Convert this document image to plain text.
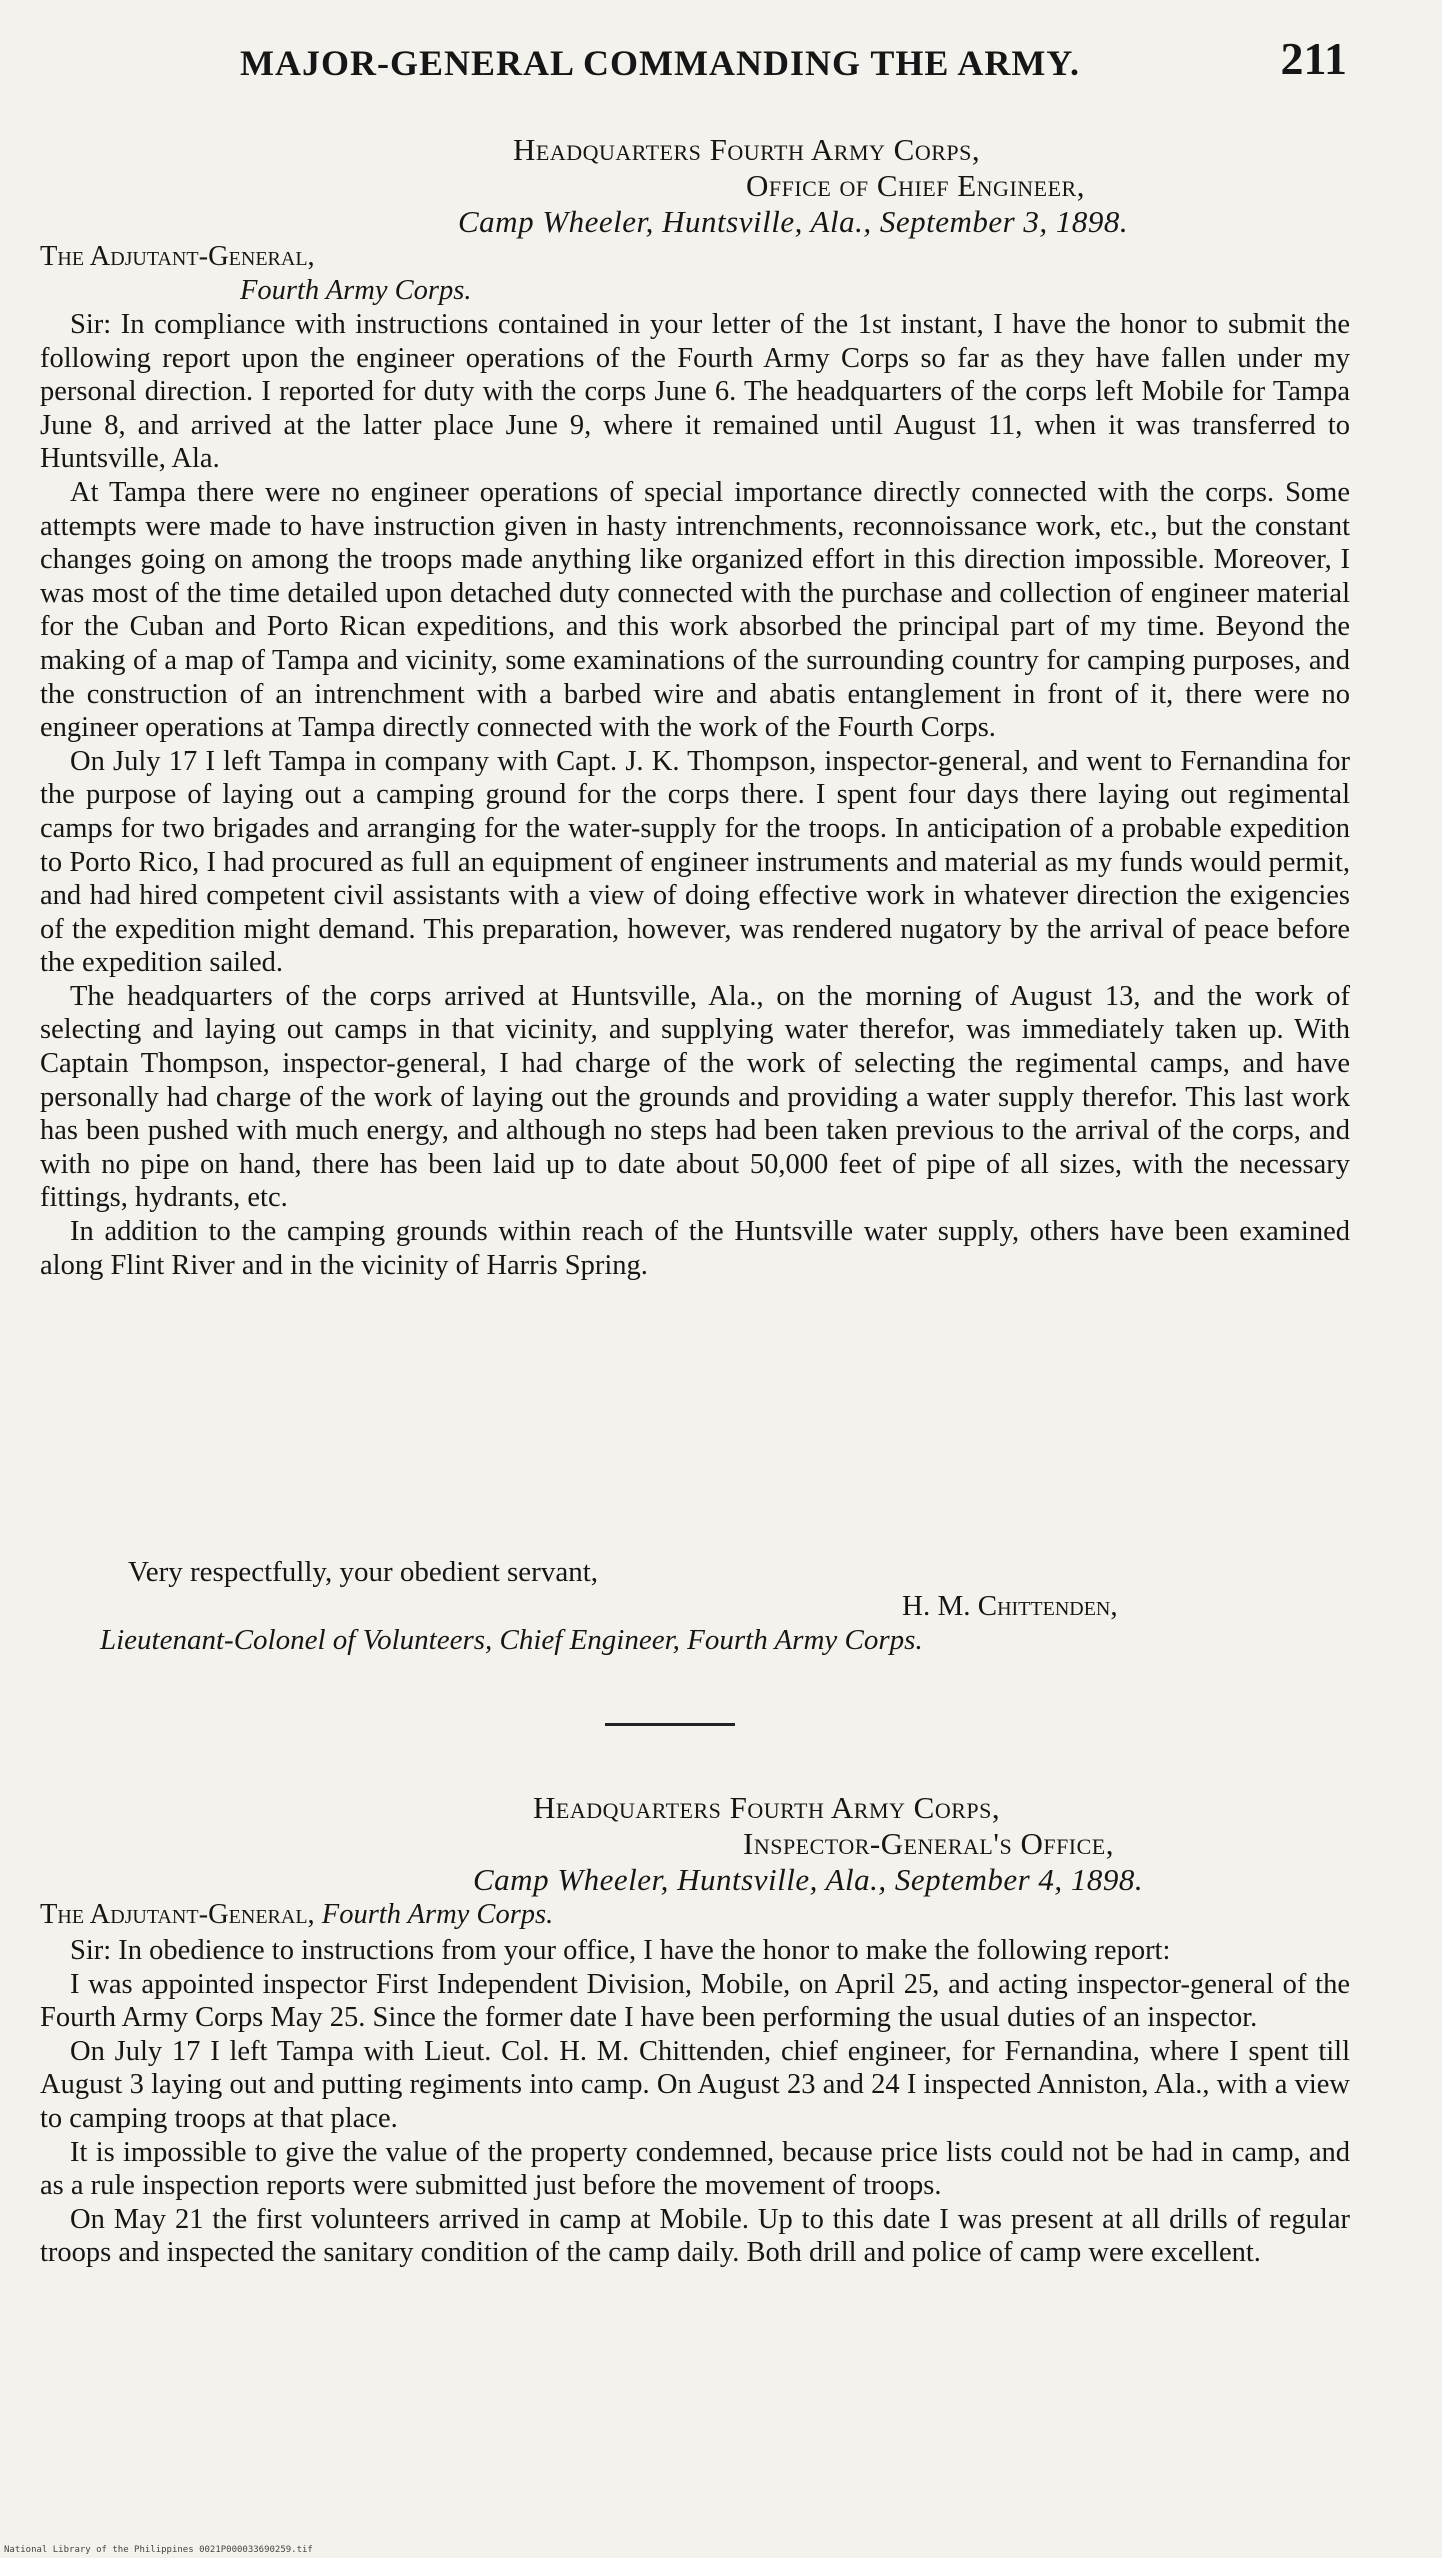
MAJOR-GENERAL COMMANDING THE ARMY.	211
Headquarters Fourth Army Corps,
Office of Chief Engineer,
Camp Wheeler, Huntsville, Ala., September 3, 1898.

The Adjutant-General,

Fourth Army Corps.

Sir: In compliance with instructions contained in your letter of the 1st instant, I have the honor to submit the following report upon the engineer operations of the Fourth Army Corps so far as they have fallen under my personal direction. I reported for duty with the corps June 6. The headquarters of the corps left Mobile for Tampa June 8, and arrived at the latter place June 9, where it remained until August 11, when it was transferred to Huntsville, Ala.

At Tampa there were no engineer operations of special importance directly connected with the corps. Some attempts were made to have instruction given in hasty intrenchments, reconnoissance work, etc., but the constant changes going on among the troops made anything like organized effort in this direction impossible. Moreover, I was most of the time detailed upon detached duty connected with the purchase and collection of engineer material for the Cuban and Porto Rican expeditions, and this work absorbed the principal part of my time. Beyond the making of a map of Tampa and vicinity, some examinations of the surrounding country for camping purposes, and the construction of an intrenchment with a barbed wire and abatis entanglement in front of it, there were no engineer operations at Tampa directly connected with the work of the Fourth Corps.

On July 17 I left Tampa in company with Capt. J. K. Thompson, inspector-general, and went to Fernandina for the purpose of laying out a camping ground for the corps there. I spent four days there laying out regimental camps for two brigades and arranging for the water-supply for the troops. In anticipation of a probable expedition to Porto Rico, I had procured as full an equipment of engineer instruments and material as my funds would permit, and had hired competent civil assistants with a view of doing effective work in whatever direction the exigencies of the expedition might demand. This preparation, however, was rendered nugatory by the arrival of peace before the expedition sailed.

The headquarters of the corps arrived at Huntsville, Ala., on the morning of August 13, and the work of selecting and laying out camps in that vicinity, and supplying water therefor, was immediately taken up. With Captain Thompson, inspector-general, I had charge of the work of selecting the regimental camps, and have personally had charge of the work of laying out the grounds and providing a water supply therefor. This last work has been pushed with much energy, and although no steps had been taken previous to the arrival of the corps, and with no pipe on hand, there has been laid up to date about 50,000 feet of pipe of all sizes, with the necessary fittings, hydrants, etc.

In addition to the camping grounds within reach of the Huntsville water supply, others have been examined along Flint River and in the vicinity of Harris Spring.

Very respectfully, your obedient servant,

H. M. Chittenden,

Lieutenant-Colonel of Volunteers, Chief Engineer, Fourth Army Corps.

Headquarters Fourth Army Corps,
Inspector-General's Office,
Camp Wheeler, Huntsville, Ala., September 4, 1898.

The Adjutant-General, Fourth Army Corps.

Sir: In obedience to instructions from your office, I have the honor to make the following report:

I was appointed inspector First Independent Division, Mobile, on April 25, and acting inspector-general of the Fourth Army Corps May 25. Since the former date I have been performing the usual duties of an inspector.

On July 17 I left Tampa with Lieut. Col. H. M. Chittenden, chief engineer, for Fernandina, where I spent till August 3 laying out and putting regiments into camp. On August 23 and 24 I inspected Anniston, Ala., with a view to camping troops at that place.

It is impossible to give the value of the property condemned, because price lists could not be had in camp, and as a rule inspection reports were submitted just before the movement of troops.

On May 21 the first volunteers arrived in camp at Mobile. Up to this date I was present at all drills of regular troops and inspected the sanitary condition of the camp daily. Both drill and police of camp were excellent.

National Library of the Philippines 0021P000033690259.tif
